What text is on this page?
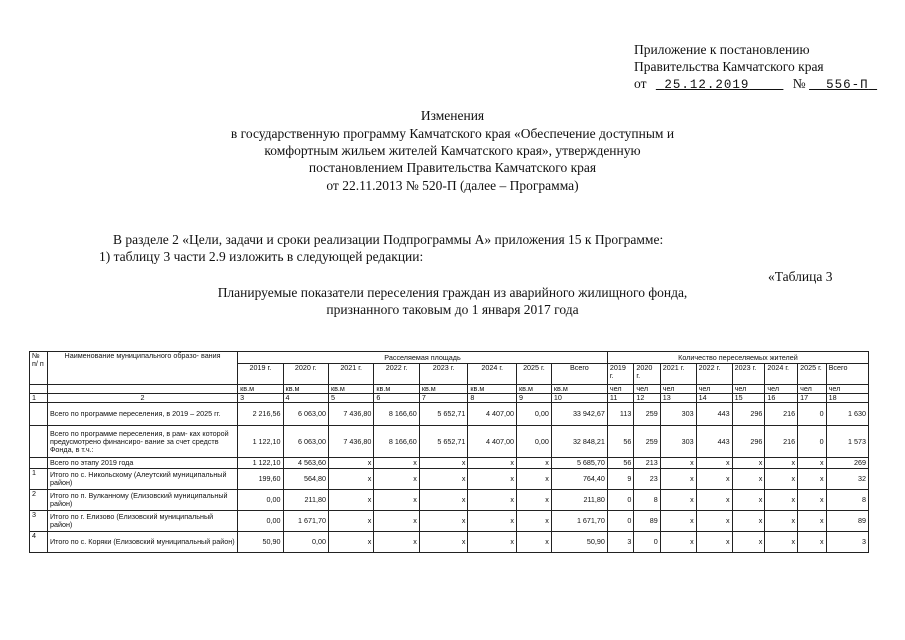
Приложение к постановлению
Правительства Камчатского края
от 25.12.2019	№ 556-П
Изменения
в государственную программу Камчатского края «Обеспечение доступным и
комфортным жильем жителей Камчатского края», утвержденную
постановлением Правительства Камчатского края
от 22.11.2013 № 520-П (далее – Программа)
В разделе 2 «Цели, задачи и сроки реализации Подпрограммы А» приложения 15 к Программе:
1) таблицу 3 части 2.9 изложить в следующей редакции:
«Таблица 3
Планируемые показатели переселения граждан из аварийного жилищного фонда,
признанного таковым до 1 января 2017 года
№ п/ п	Наименование муниципального образо- вания	Расселяемая площадь								Количество переселяемых жителей							
		2019 г.	2020 г.	2021 г.	2022 г.	2023 г.	2024 г.	2025 г.	Всего	2019 г.	2020 г.	2021 г.	2022 г.	2023 г.	2024 г.	2025 г.	Всего
		кв.м	кв.м	кв.м	кв.м	кв.м	кв.м	кв.м	кв.м	чел	чел	чел	чел	чел	чел	чел	чел
1	2	3	4	5	6	7	8	9	10	11	12	13	14	15	16	17	18
	Всего по программе переселения, в 2019 – 2025 гг.	2 216,56	6 063,00	7 436,80	8 166,60	5 652,71	4 407,00	0,00	33 942,67	113	259	303	443	296	216	0	1 630
	Всего по программе переселения, в рам- ках которой предусмотрено финансиро- вание за счет средств Фонда, в т.ч.:	1 122,10	6 063,00	7 436,80	8 166,60	5 652,71	4 407,00	0,00	32 848,21	56	259	303	443	296	216	0	1 573
	Всего по этапу 2019 года	1 122,10	4 563,60	x	x	x	x	x	5 685,70	56	213	x	x	x	x	x	269
1	Итого по с. Никольскому (Алеутский муниципальный район)	199,60	564,80	x	x	x	x	x	764,40	9	23	x	x	x	x	x	32
2	Итого по п. Вулканному (Елизовский муниципальный район)	0,00	211,80	x	x	x	x	x	211,80	0	8	x	x	x	x	x	8
3	Итого по г. Елизово (Елизовский муниципальный район)	0,00	1 671,70	x	x	x	x	x	1 671,70	0	89	x	x	x	x	x	89
4	Итого по с. Коряки (Елизовский муниципальный район)	50,90	0,00	x	x	x	x	x	50,90	3	0	x	x	x	x	x	3
